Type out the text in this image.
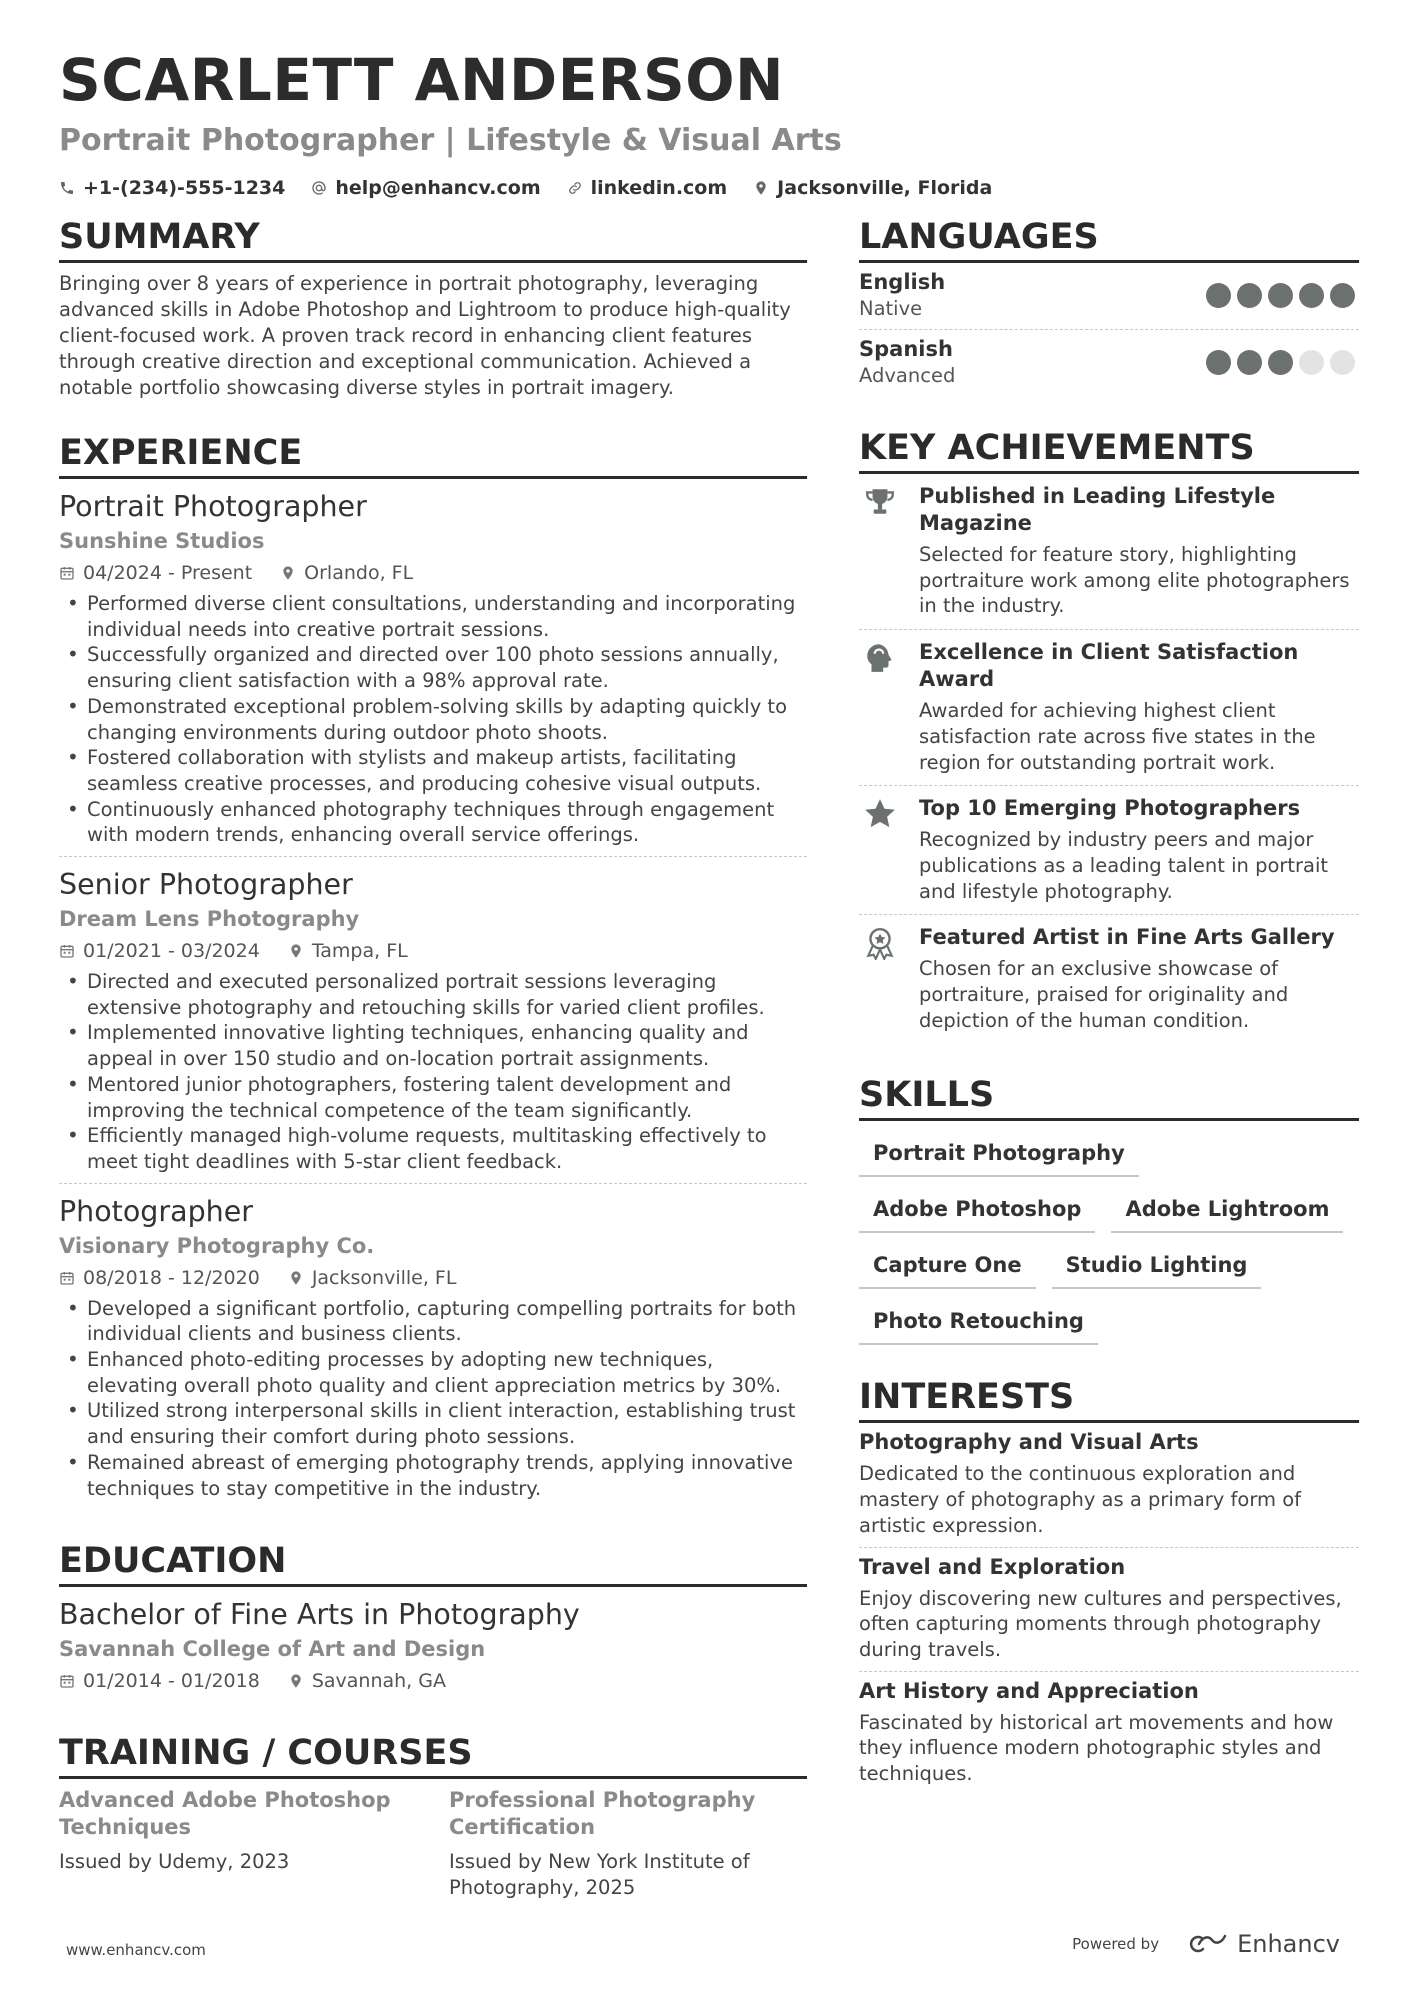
SCARLETT ANDERSON
Portrait Photographer | Lifestyle & Visual Arts
+1-(234)-555-1234	help@enhancv.com	linkedin.com	Jacksonville, Florida
SUMMARY
Bringing over 8 years of experience in portrait photography, leveraging advanced skills in Adobe Photoshop and Lightroom to produce high-quality client-focused work. A proven track record in enhancing client features through creative direction and exceptional communication. Achieved a notable portfolio showcasing diverse styles in portrait imagery.
EXPERIENCE
Portrait Photographer
Sunshine Studios
04/2024 - Present	Orlando, FL
• Performed diverse client consultations, understanding and incorporating individual needs into creative portrait sessions.
• Successfully organized and directed over 100 photo sessions annually, ensuring client satisfaction with a 98% approval rate.
• Demonstrated exceptional problem-solving skills by adapting quickly to changing environments during outdoor photo shoots.
• Fostered collaboration with stylists and makeup artists, facilitating seamless creative processes, and producing cohesive visual outputs.
• Continuously enhanced photography techniques through engagement with modern trends, enhancing overall service offerings.
Senior Photographer
Dream Lens Photography
01/2021 - 03/2024	Tampa, FL
• Directed and executed personalized portrait sessions leveraging extensive photography and retouching skills for varied client profiles.
• Implemented innovative lighting techniques, enhancing quality and appeal in over 150 studio and on-location portrait assignments.
• Mentored junior photographers, fostering talent development and improving the technical competence of the team significantly.
• Efficiently managed high-volume requests, multitasking effectively to meet tight deadlines with 5-star client feedback.
Photographer
Visionary Photography Co.
08/2018 - 12/2020	Jacksonville, FL
• Developed a significant portfolio, capturing compelling portraits for both individual clients and business clients.
• Enhanced photo-editing processes by adopting new techniques, elevating overall photo quality and client appreciation metrics by 30%.
• Utilized strong interpersonal skills in client interaction, establishing trust and ensuring their comfort during photo sessions.
• Remained abreast of emerging photography trends, applying innovative techniques to stay competitive in the industry.
EDUCATION
Bachelor of Fine Arts in Photography
Savannah College of Art and Design
01/2014 - 01/2018	Savannah, GA
TRAINING / COURSES
Advanced Adobe Photoshop Techniques
Issued by Udemy, 2023
Professional Photography Certification
Issued by New York Institute of Photography, 2025
LANGUAGES
English
Native
Spanish
Advanced
KEY ACHIEVEMENTS
Published in Leading Lifestyle Magazine
Selected for feature story, highlighting portraiture work among elite photographers in the industry.
Excellence in Client Satisfaction Award
Awarded for achieving highest client satisfaction rate across five states in the region for outstanding portrait work.
Top 10 Emerging Photographers
Recognized by industry peers and major publications as a leading talent in portrait and lifestyle photography.
Featured Artist in Fine Arts Gallery
Chosen for an exclusive showcase of portraiture, praised for originality and depiction of the human condition.
SKILLS
Portrait Photography
Adobe Photoshop	Adobe Lightroom
Capture One	Studio Lighting
Photo Retouching
INTERESTS
Photography and Visual Arts
Dedicated to the continuous exploration and mastery of photography as a primary form of artistic expression.
Travel and Exploration
Enjoy discovering new cultures and perspectives, often capturing moments through photography during travels.
Art History and Appreciation
Fascinated by historical art movements and how they influence modern photographic styles and techniques.
www.enhancv.com	Powered by	Enhancv
